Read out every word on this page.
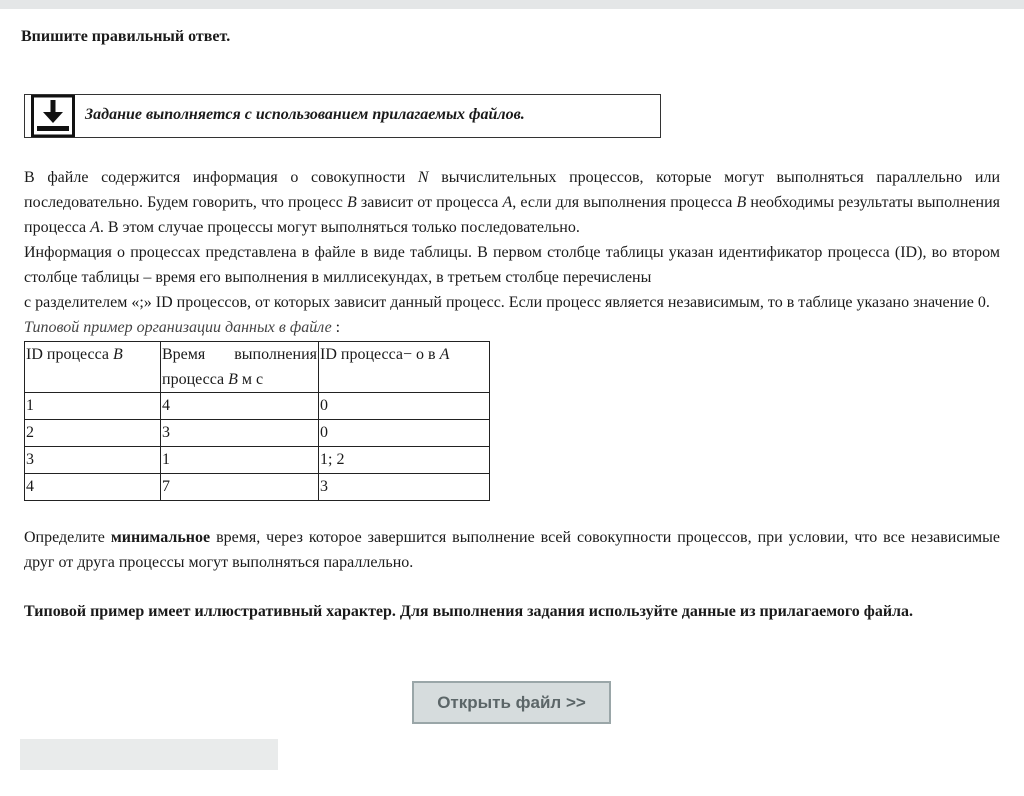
Впишите правильный ответ.
Задание выполняется с использованием прилагаемых файлов.

В файле содержится информация о совокупности N вычислительных процессов, которые могут выполняться параллельно или последовательно. Будем говорить, что процесс B зависит от процесса A, если для выполнения процесса B необходимы результаты выполнения процесса A. В этом случае процессы могут выполняться только последовательно.

Информация о процессах представлена в файле в виде таблицы. В первом столбце таблицы указан идентификатор процесса (ID), во втором столбце таблицы – время его выполнения в миллисекундах, в третьем столбце перечислены

с разделителем «;» ID процессов, от которых зависит данный процесс. Если процесс является независимым, то в таблице указано значение 0.

Типовой пример организации данных в файле :

ID процесса B	Время выполнения процесса B м с	ID процесса− о в A
1	4	0
2	3	0
3	1	1; 2
4	7	3

Определите минимальное время, через которое завершится выполнение всей совокупности процессов, при условии, что все независимые друг от друга процессы могут выполняться параллельно.

Типовой пример имеет иллюстративный характер. Для выполнения задания используйте данные из прилагаемого файла.

Открыть файл >>
